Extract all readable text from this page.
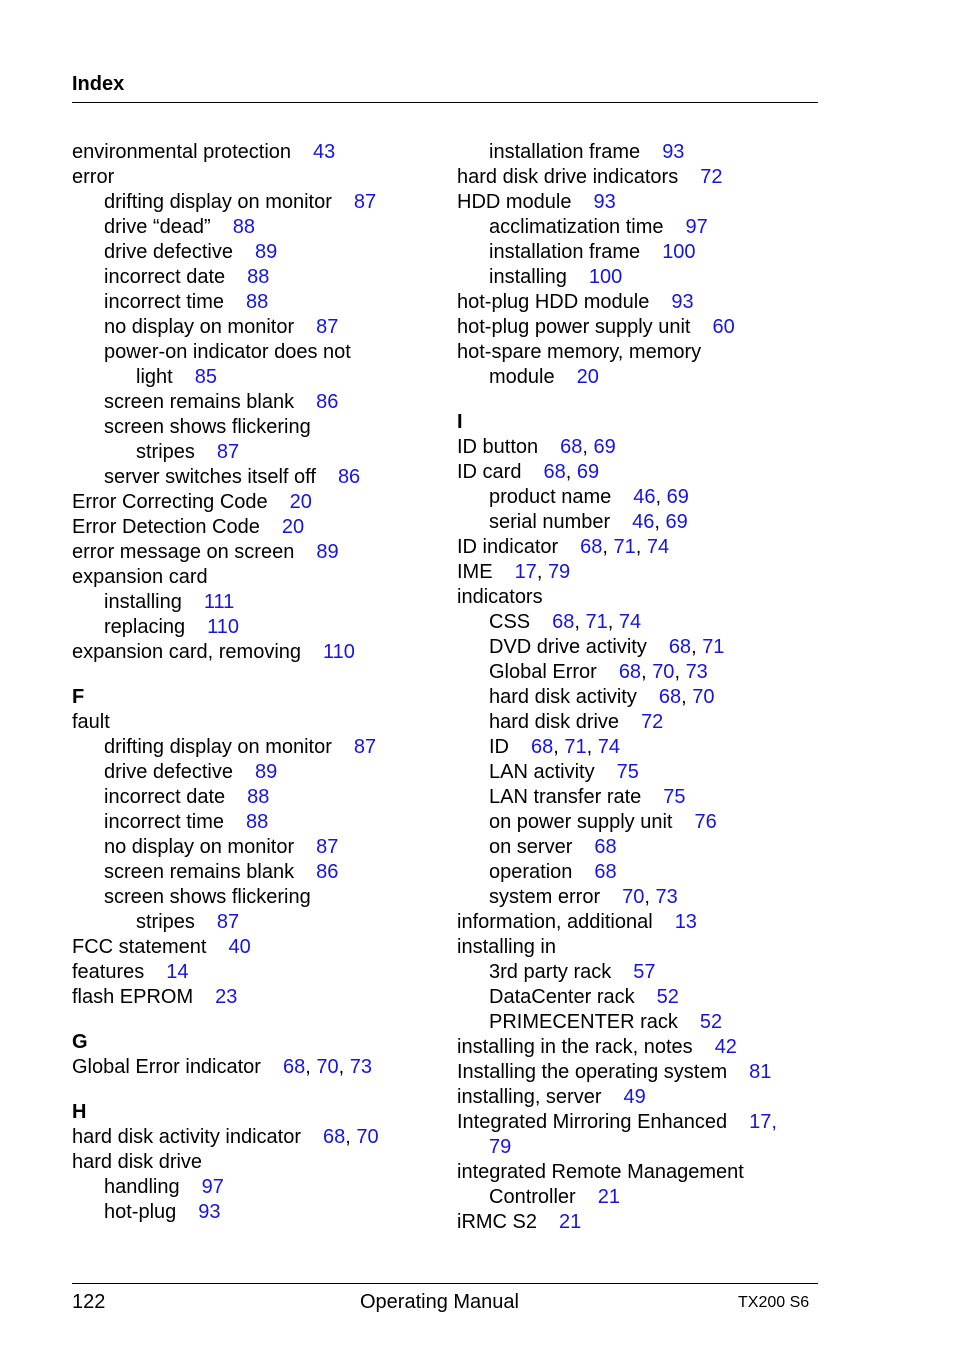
Index
environmental protection 43
error
drifting display on monitor 87
drive “dead” 88
drive defective 89
incorrect date 88
incorrect time 88
no display on monitor 87
power-on indicator does not
light 85
screen remains blank 86
screen shows flickering
stripes 87
server switches itself off 86
Error Correcting Code 20
Error Detection Code 20
error message on screen 89
expansion card
installing 111
replacing 110
expansion card, removing 110
F
fault
drifting display on monitor 87
drive defective 89
incorrect date 88
incorrect time 88
no display on monitor 87
screen remains blank 86
screen shows flickering
stripes 87
FCC statement 40
features 14
flash EPROM 23
G
Global Error indicator 68, 70, 73
H
hard disk activity indicator 68, 70
hard disk drive
handling 97
hot-plug 93
installation frame 93
hard disk drive indicators 72
HDD module 93
acclimatization time 97
installation frame 100
installing 100
hot-plug HDD module 93
hot-plug power supply unit 60
hot-spare memory, memory
module 20
I
ID button 68, 69
ID card 68, 69
product name 46, 69
serial number 46, 69
ID indicator 68, 71, 74
IME 17, 79
indicators
CSS 68, 71, 74
DVD drive activity 68, 71
Global Error 68, 70, 73
hard disk activity 68, 70
hard disk drive 72
ID 68, 71, 74
LAN activity 75
LAN transfer rate 75
on power supply unit 76
on server 68
operation 68
system error 70, 73
information, additional 13
installing in
3rd party rack 57
DataCenter rack 52
PRIMECENTER rack 52
installing in the rack, notes 42
Installing the operating system 81
installing, server 49
Integrated Mirroring Enhanced 17,
79
integrated Remote Management
Controller 21
iRMC S2 21
122	Operating Manual	TX200 S6
